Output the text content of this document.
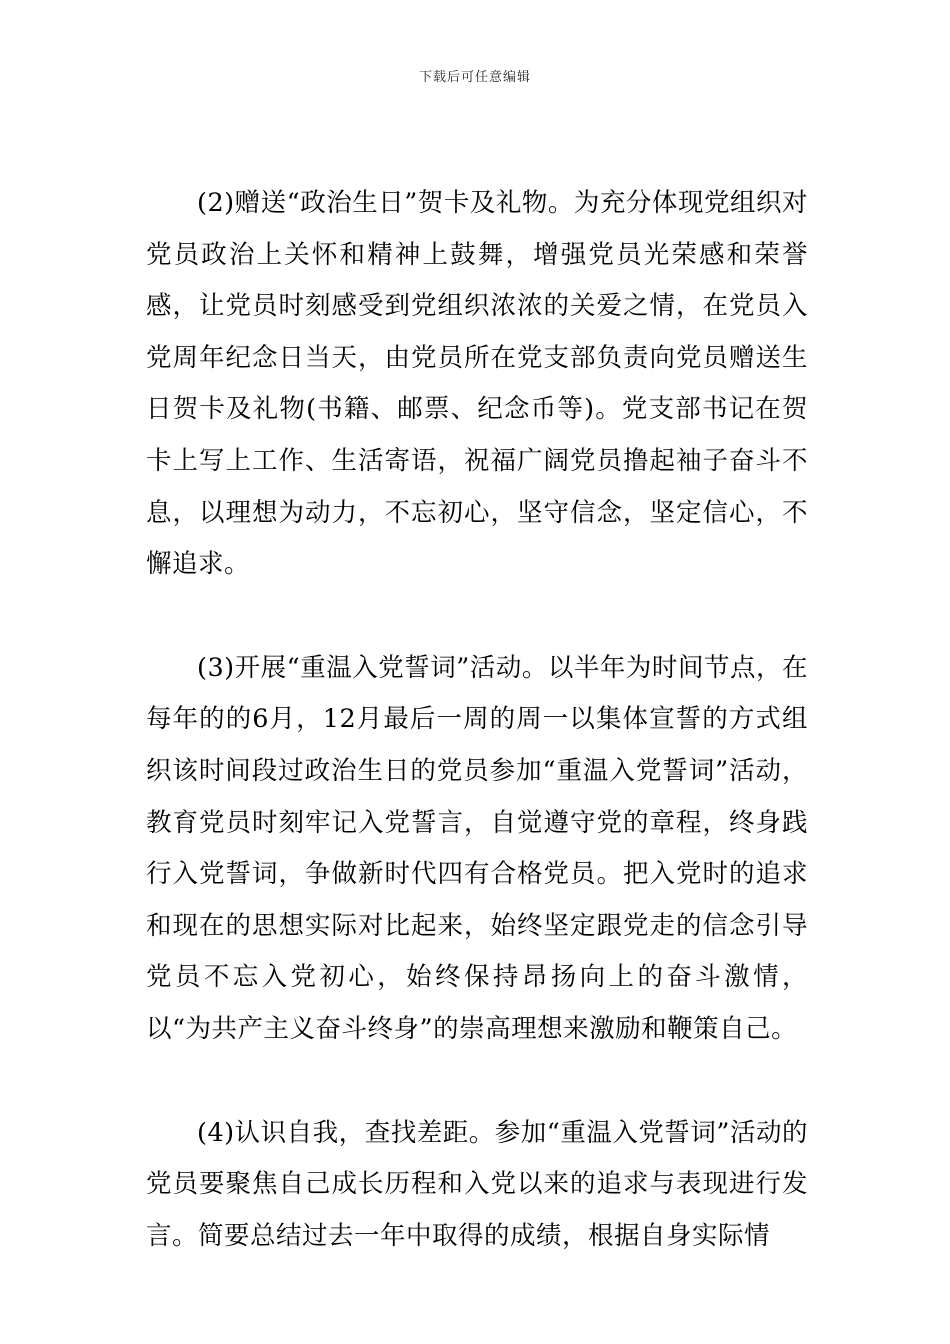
下载后可任意编辑

(2)赠送“政治生日”贺卡及礼物。为充分体现党组织对党员政治上关怀和精神上鼓舞，增强党员光荣感和荣誉感，让党员时刻感受到党组织浓浓的关爱之情，在党员入党周年纪念日当天，由党员所在党支部负责向党员赠送生日贺卡及礼物(书籍、邮票、纪念币等)。党支部书记在贺卡上写上工作、生活寄语，祝福广阔党员撸起袖子奋斗不息，以理想为动力，不忘初心，坚守信念，坚定信心，不懈追求。

(3)开展“重温入党誓词”活动。以半年为时间节点，在每年的的6月，12月最后一周的周一以集体宣誓的方式组织该时间段过政治生日的党员参加“重温入党誓词”活动，教育党员时刻牢记入党誓言，自觉遵守党的章程，终身践行入党誓词，争做新时代四有合格党员。把入党时的追求和现在的思想实际对比起来，始终坚定跟党走的信念引导党员不忘入党初心，始终保持昂扬向上的奋斗激情，以“为共产主义奋斗终身”的崇高理想来激励和鞭策自己。

(4)认识自我，查找差距。参加“重温入党誓词”活动的党员要聚焦自己成长历程和入党以来的追求与表现进行发言。简要总结过去一年中取得的成绩，根据自身实际情
